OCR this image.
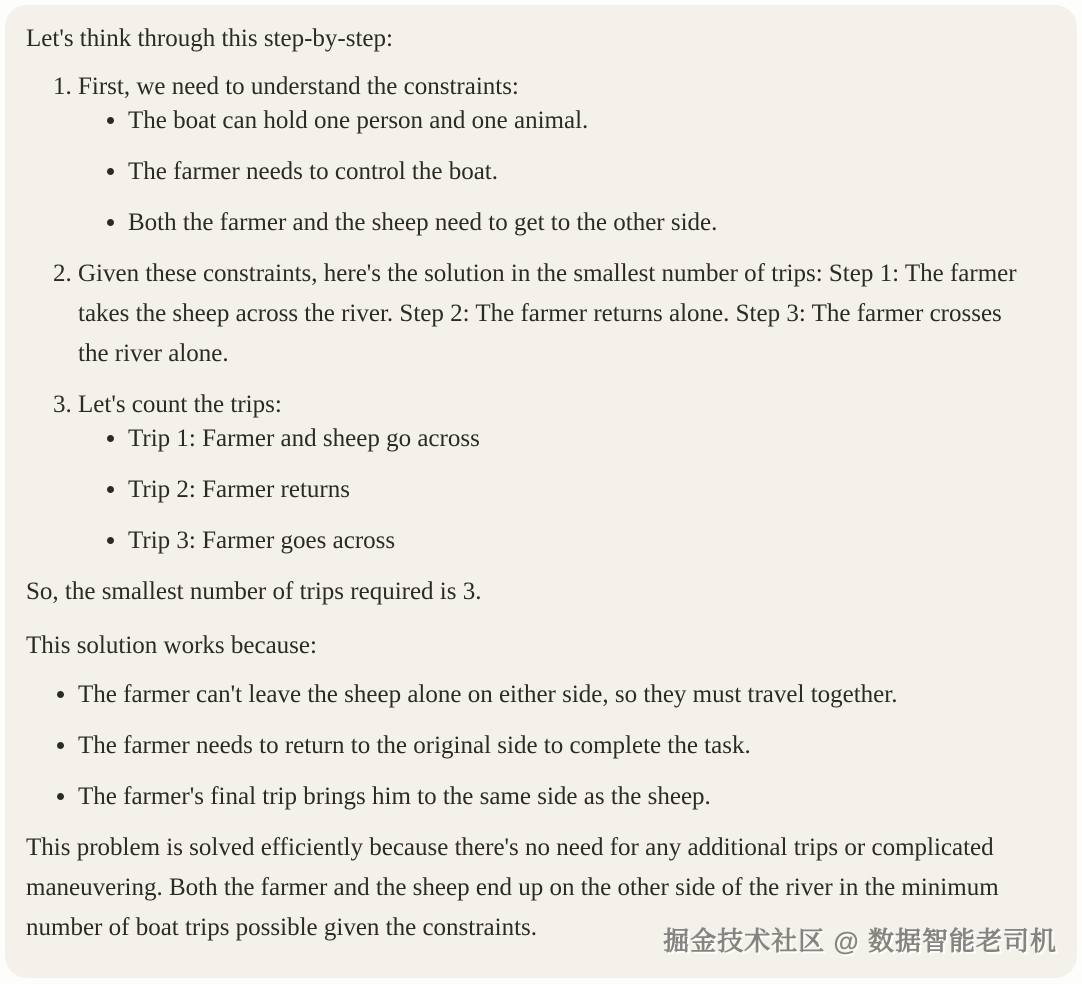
Let's think through this step-by-step:

1. First, we need to understand the constraints:
• The boat can hold one person and one animal.
• The farmer needs to control the boat.
• Both the farmer and the sheep need to get to the other side.
2. Given these constraints, here's the solution in the smallest number of trips: Step 1: The farmer takes the sheep across the river. Step 2: The farmer returns alone. Step 3: The farmer crosses the river alone.
3. Let's count the trips:
• Trip 1: Farmer and sheep go across
• Trip 2: Farmer returns
• Trip 3: Farmer goes across

So, the smallest number of trips required is 3.

This solution works because:

• The farmer can't leave the sheep alone on either side, so they must travel together.
• The farmer needs to return to the original side to complete the task.
• The farmer's final trip brings him to the same side as the sheep.

This problem is solved efficiently because there's no need for any additional trips or complicated maneuvering. Both the farmer and the sheep end up on the other side of the river in the minimum number of boat trips possible given the constraints.	掘金技术社区 @ 数据智能老司机
